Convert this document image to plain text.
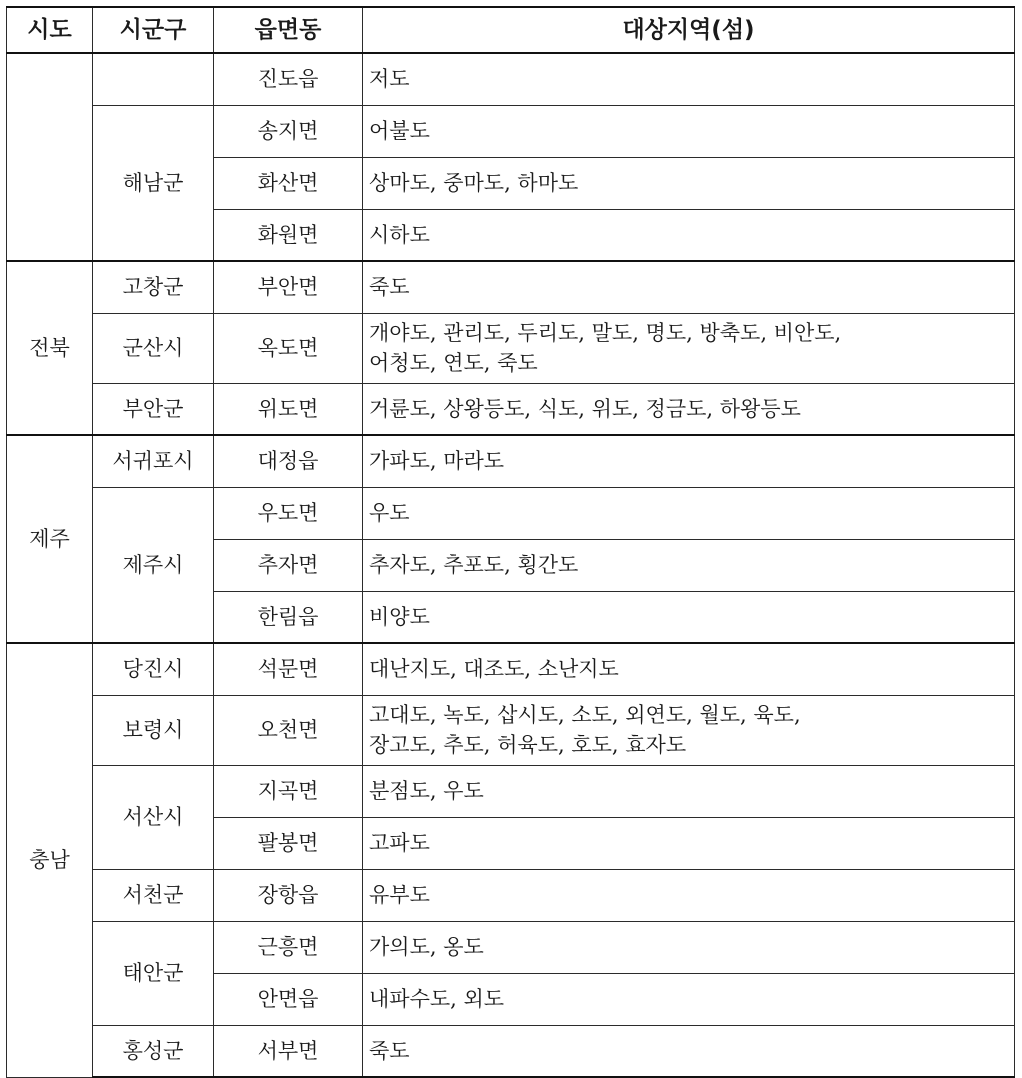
시도	시군구	읍면동	대상지역(섬)
		진도읍	저도
	해남군	송지면	어불도
		화산면	상마도, 중마도, 하마도
		화원면	시하도
전북	고창군	부안면	죽도
	군산시	옥도면	개야도, 관리도, 두리도, 말도, 명도, 방축도, 비안도,
어청도, 연도, 죽도

	부안군	위도면	거륜도, 상왕등도, 식도, 위도, 정금도, 하왕등도
제주	서귀포시	대정읍	가파도, 마라도
	제주시	우도면	우도
		추자면	추자도, 추포도, 횡간도
		한림읍	비양도
충남	당진시	석문면	대난지도, 대조도, 소난지도
	보령시	오천면	고대도, 녹도, 삽시도, 소도, 외연도, 월도, 육도,
장고도, 추도, 허육도, 호도, 효자도

	서산시	지곡면	분점도, 우도
		팔봉면	고파도
	서천군	장항읍	유부도
	태안군	근흥면	가의도, 옹도
		안면읍	내파수도, 외도
	홍성군	서부면	죽도
